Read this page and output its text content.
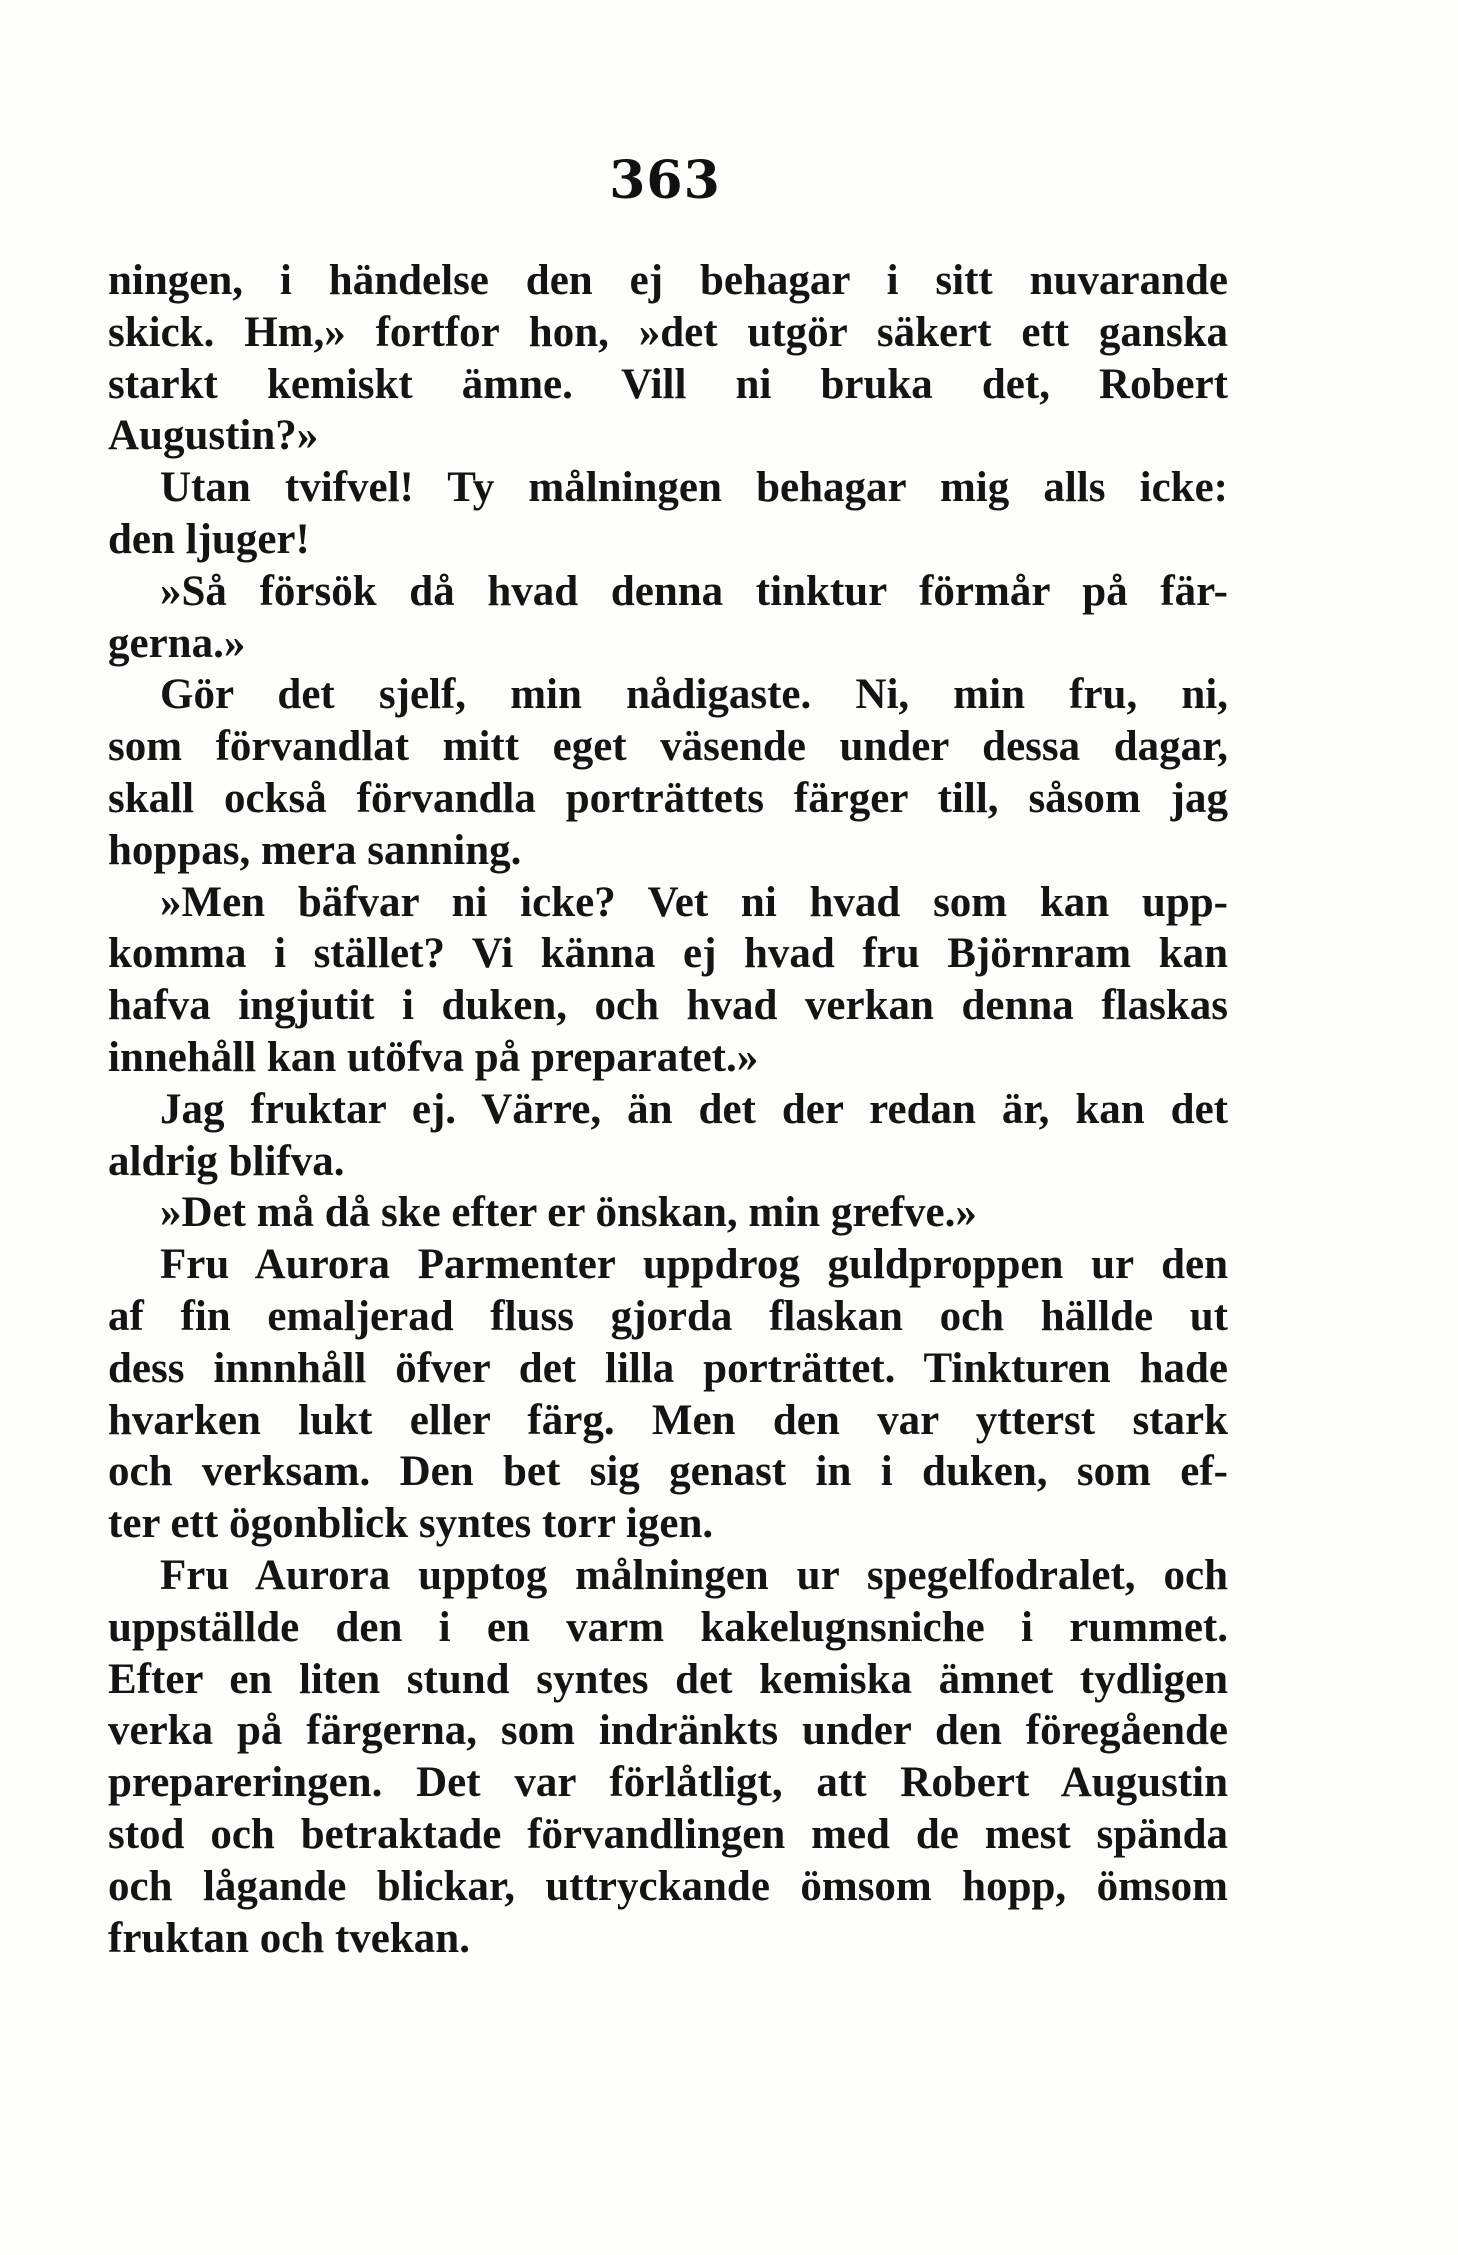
363
ningen, i händelse den ej behagar i sitt nuvarande
skick. Hm,» fortfor hon, »det utgör säkert ett ganska
starkt kemiskt ämne. Vill ni bruka det, Robert
Augustin?»
Utan tvifvel! Ty målningen behagar mig alls icke:
den ljuger!
»Så försök då hvad denna tinktur förmår på fär-
gerna.»
Gör det sjelf, min nådigaste. Ni, min fru, ni,
som förvandlat mitt eget väsende under dessa dagar,
skall också förvandla porträttets färger till, såsom jag
hoppas, mera sanning.
»Men bäfvar ni icke? Vet ni hvad som kan upp-
komma i stället? Vi känna ej hvad fru Björnram kan
hafva ingjutit i duken, och hvad verkan denna flaskas
innehåll kan utöfva på preparatet.»
Jag fruktar ej. Värre, än det der redan är, kan det
aldrig blifva.
»Det må då ske efter er önskan, min grefve.»
Fru Aurora Parmenter uppdrog guldproppen ur den
af fin emaljerad fluss gjorda flaskan och hällde ut
dess innnhåll öfver det lilla porträttet. Tinkturen hade
hvarken lukt eller färg. Men den var ytterst stark
och verksam. Den bet sig genast in i duken, som ef-
ter ett ögonblick syntes torr igen.
Fru Aurora upptog målningen ur spegelfodralet, och
uppställde den i en varm kakelugnsniche i rummet.
Efter en liten stund syntes det kemiska ämnet tydligen
verka på färgerna, som indränkts under den föregående
prepareringen. Det var förlåtligt, att Robert Augustin
stod och betraktade förvandlingen med de mest spända
och lågande blickar, uttryckande ömsom hopp, ömsom
fruktan och tvekan.
